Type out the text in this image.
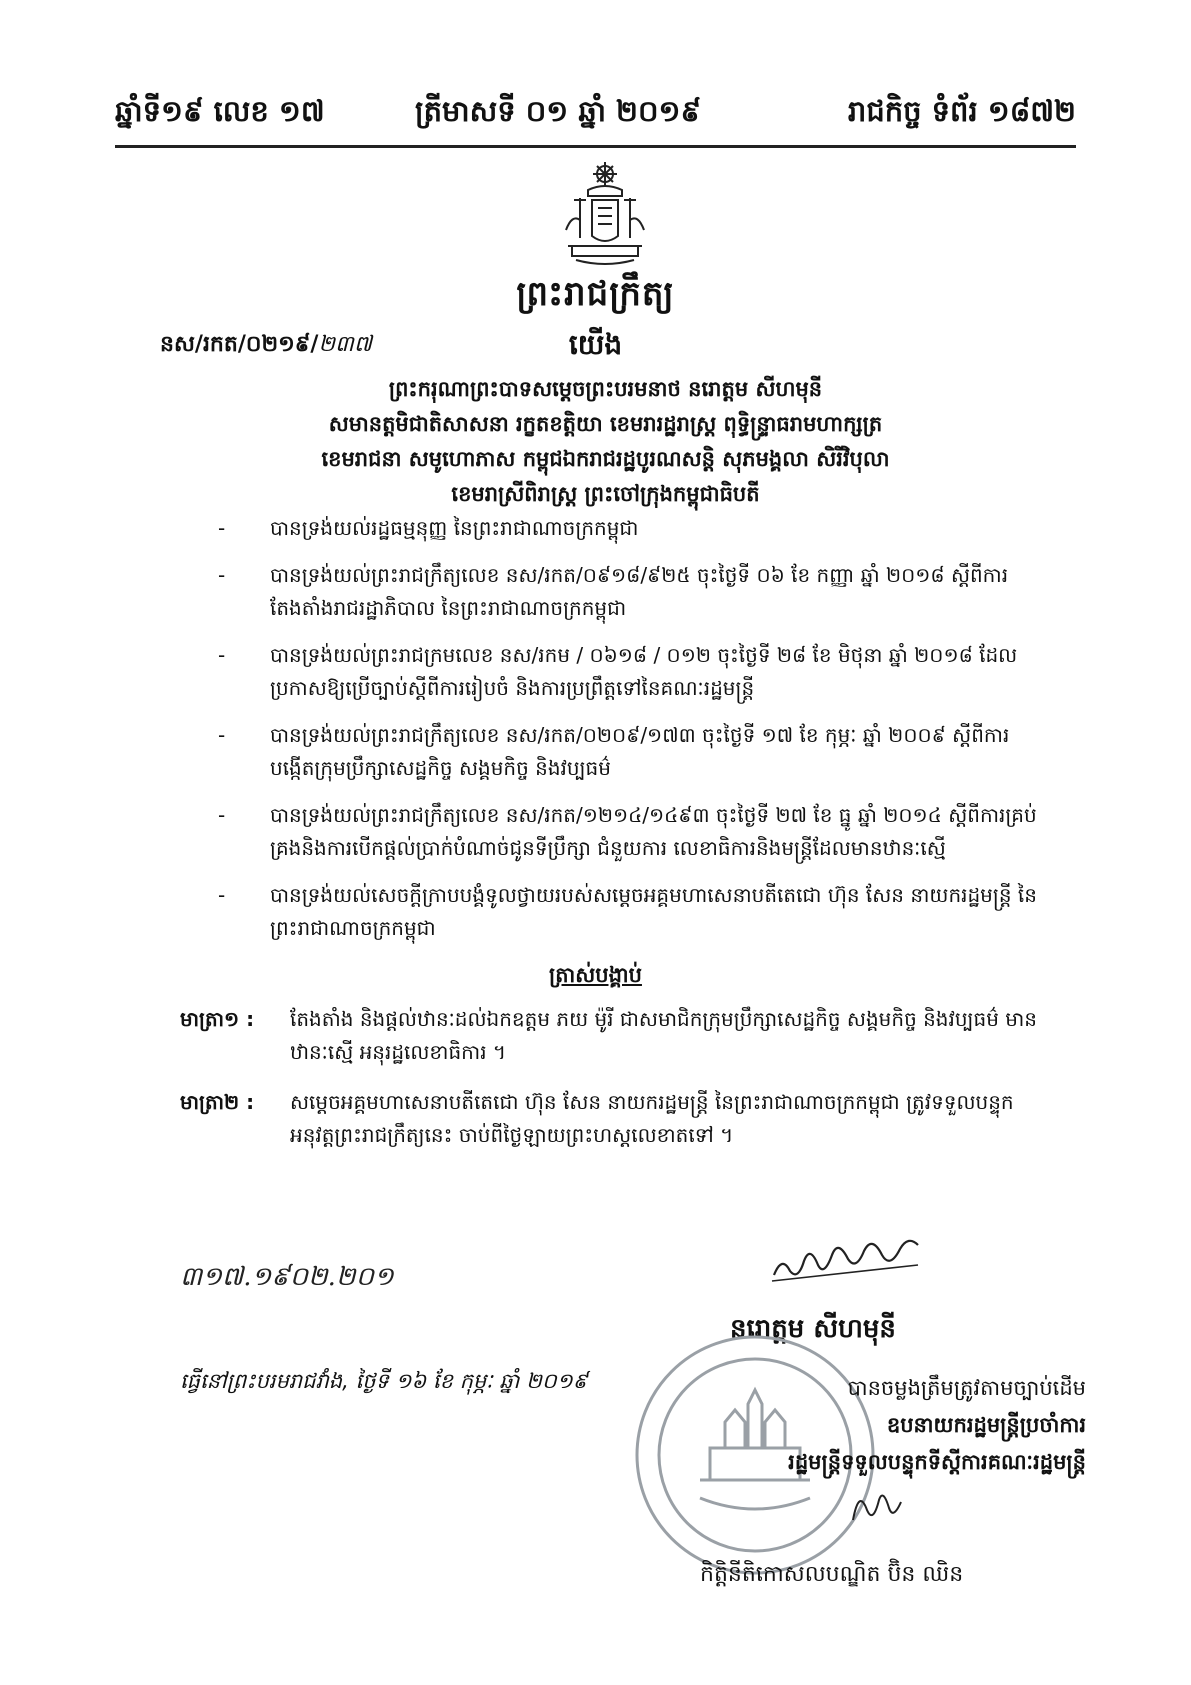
ឆ្នាំទី១៩ លេខ ១៧	ត្រីមាសទី ០១ ឆ្នាំ ២០១៩	រាជកិច្ច ទំព័រ ១៨៧២
ព្រះរាជក្រឹត្យ
នស/រកត/០២១៩/២៣៧	យើង
ព្រះករុណាព្រះបាទសម្តេចព្រះបរមនាថ នរោត្តម សីហមុនី
សមានត្តមិជាតិសាសនា រក្ខតខត្តិយា ខេមរារដ្ឋរាស្ត្រ ពុទ្ធិន្រ្ទាធរាមហាក្សត្រ
ខេមរាជនា សមូហោភាស កម្ពុជឯករាជរដ្ឋបូរណសន្តិ សុភមង្គលា សិរីវិបុលា
ខេមរាស្រីពិរាស្ត្រ ព្រះចៅក្រុងកម្ពុជាធិបតី
- បានទ្រង់យល់រដ្ឋធម្មនុញ្ញ នៃព្រះរាជាណាចក្រកម្ពុជា
- បានទ្រង់យល់ព្រះរាជក្រឹត្យលេខ នស/រកត/០៩១៨/៩២៥ ចុះថ្ងៃទី ០៦ ខែ កញ្ញា ឆ្នាំ ២០១៨ ស្តីពីការតែងតាំងរាជរដ្ឋាភិបាល នៃព្រះរាជាណាចក្រកម្ពុជា
- បានទ្រង់យល់ព្រះរាជក្រមលេខ នស/រកម / ០៦១៨ / ០១២ ចុះថ្ងៃទី ២៨ ខែ មិថុនា ឆ្នាំ ២០១៨ ដែលប្រកាសឱ្យប្រើច្បាប់ស្តីពីការរៀបចំ និងការប្រព្រឹត្តទៅនៃគណៈរដ្ឋមន្ត្រី
- បានទ្រង់យល់ព្រះរាជក្រឹត្យលេខ នស/រកត/០២០៩/១៧៣ ចុះថ្ងៃទី ១៧ ខែ កុម្ភៈ ឆ្នាំ ២០០៩ ស្តីពីការបង្កើតក្រុមប្រឹក្សាសេដ្ឋកិច្ច សង្គមកិច្ច និងវប្បធម៌
- បានទ្រង់យល់ព្រះរាជក្រឹត្យលេខ នស/រកត/១២១៤/១៤៩៣ ចុះថ្ងៃទី ២៧ ខែ ធ្នូ ឆ្នាំ ២០១៤ ស្តីពីការគ្រប់គ្រងនិងការបើកផ្តល់ប្រាក់បំណាច់ជូនទីប្រឹក្សា ជំនួយការ លេខាធិការនិងមន្ត្រីដែលមានឋានៈស្មើ
- បានទ្រង់យល់សេចក្តីក្រាបបង្គំទូលថ្វាយរបស់សម្តេចអគ្គមហាសេនាបតីតេជោ ហ៊ុន សែន នាយករដ្ឋមន្ត្រី នៃព្រះរាជាណាចក្រកម្ពុជា
ត្រាស់បង្គាប់
មាត្រា១ :	តែងតាំង និងផ្តល់ឋានៈដល់ឯកឧត្តម ភយ ម៉ូរី ជាសមាជិកក្រុមប្រឹក្សាសេដ្ឋកិច្ច សង្គមកិច្ច និងវប្បធម៌ មានឋានៈស្មើ អនុរដ្ឋលេខាធិការ ។
មាត្រា២ :	សម្តេចអគ្គមហាសេនាបតីតេជោ ហ៊ុន សែន នាយករដ្ឋមន្ត្រី នៃព្រះរាជាណាចក្រកម្ពុជា ត្រូវទទួលបន្ទុកអនុវត្តព្រះរាជក្រឹត្យនេះ ចាប់ពីថ្ងៃឡាយព្រះហស្តលេខាតទៅ ។
៣១៧.១៩០២.២០១
នរោត្តម សីហមុនី
ធ្វើនៅព្រះបរមរាជវាំង, ថ្ងៃទី ១៦ ខែ កុម្ភៈ ឆ្នាំ ២០១៩	បានចម្លងត្រឹមត្រូវតាមច្បាប់ដើម
ឧបនាយករដ្ឋមន្ត្រីប្រចាំការ
រដ្ឋមន្ត្រីទទួលបន្ទុកទីស្តីការគណៈរដ្ឋមន្ត្រី
កិត្តិនីតិកោសលបណ្ឌិត ប៊ិន ឈិន
